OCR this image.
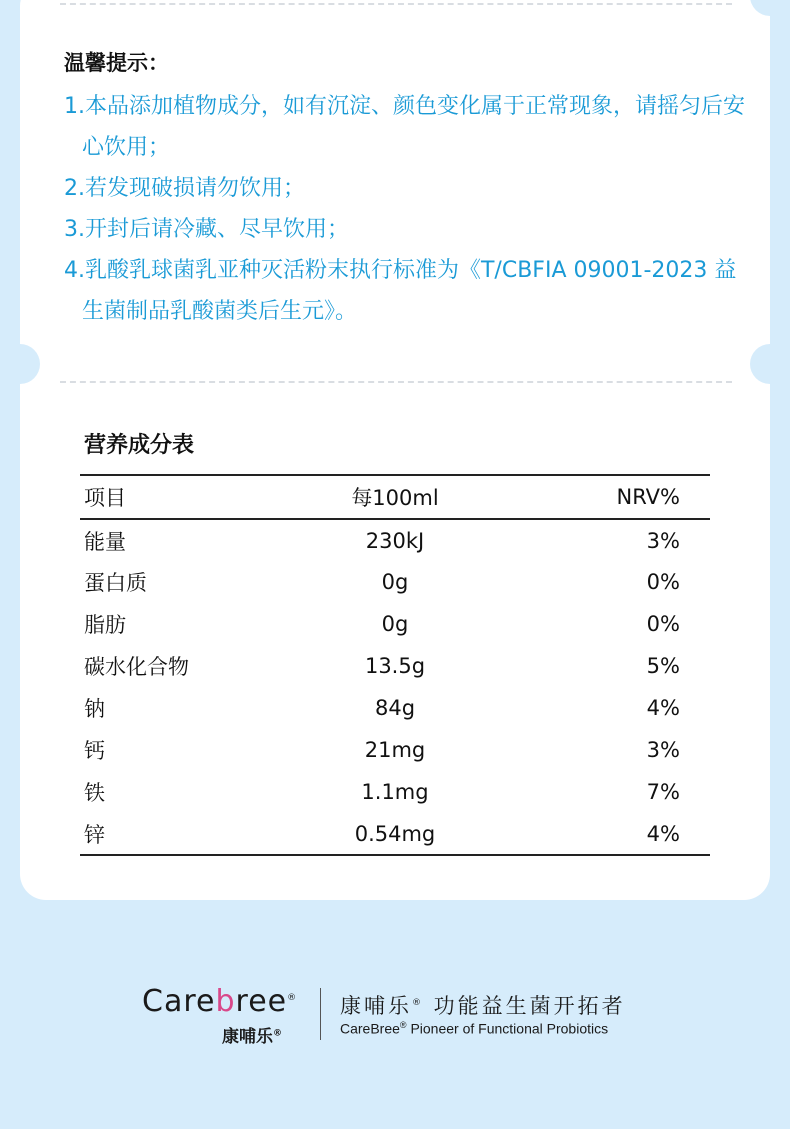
温馨提示：
1.本品添加植物成分，如有沉淀、颜色变化属于正常现象，请摇匀后安心饮用；
2.若发现破损请勿饮用；
3.开封后请冷藏、尽早饮用；
4.乳酸乳球菌乳亚种灭活粉末执行标准为《T/CBFIA 09001-2023 益生菌制品乳酸菌类后生元》。
营养成分表
项目	每100ml	NRV%
能量	230kJ	3%
蛋白质	0g	0%
脂肪	0g	0%
碳水化合物	13.5g	5%
钠	84g	4%
钙	21mg	3%
铁	1.1mg	7%
锌	0.54mg	4%
Carebree®
康哺乐®
康哺乐® 功能益生菌开拓者
CareBree® Pioneer of Functional Probiotics
